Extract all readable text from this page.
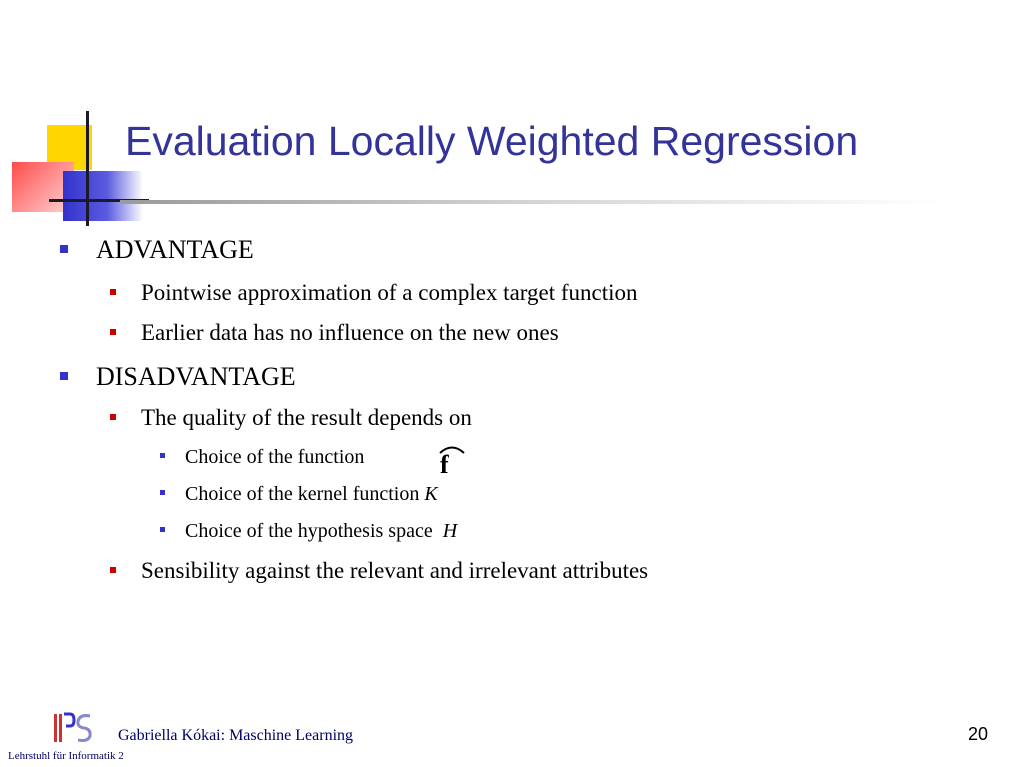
Evaluation Locally Weighted Regression
ADVANTAGE
Pointwise approximation of a complex target function
Earlier data has no influence on the new ones
DISADVANTAGE
The quality of the result depends on
Choice of the function	f
Choice of the kernel function K
Choice of the hypothesis space H
Sensibility against the relevant and irrelevant attributes
Gabriella Kókai: Maschine Learning
Lehrstuhl für Informatik 2
20
